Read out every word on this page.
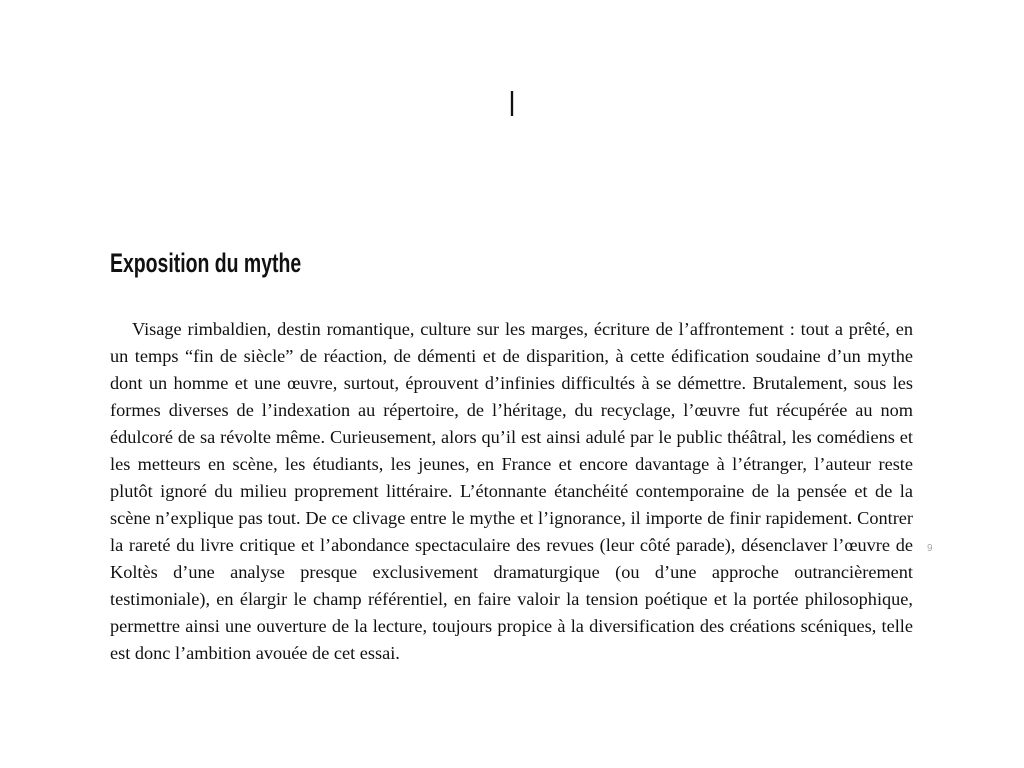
I
Exposition du mythe

Visage rimbaldien, destin romantique, culture sur les marges, écriture de l’affrontement : tout a prêté, en un temps “fin de siècle” de réaction, de démenti et de disparition, à cette édification soudaine d’un mythe dont un homme et une œuvre, surtout, éprouvent d’infinies difficultés à se démettre. Brutalement, sous les formes diverses de l’indexation au répertoire, de l’héritage, du recyclage, l’œuvre fut récupérée au nom édulcoré de sa révolte même. Curieusement, alors qu’il est ainsi adulé par le public théâtral, les comédiens et les metteurs en scène, les étudiants, les jeunes, en France et encore davantage à l’étranger, l’auteur reste plutôt ignoré du milieu proprement littéraire. L’étonnante étanchéité contemporaine de la pensée et de la scène n’explique pas tout. De ce clivage entre le mythe et l’ignorance, il importe de finir rapidement. Contrer la rareté du livre critique et l’abondance spectaculaire des revues (leur côté parade), désenclaver l’œuvre de Koltès d’une analyse presque exclusivement dramaturgique (ou d’une approche outrancièrement testimoniale), en élargir le champ référentiel, en faire valoir la tension poétique et la portée philosophique, permettre ainsi une ouverture de la lecture, toujours propice à la diversification des créations scéniques, telle est donc l’ambition avouée de cet essai.

9
